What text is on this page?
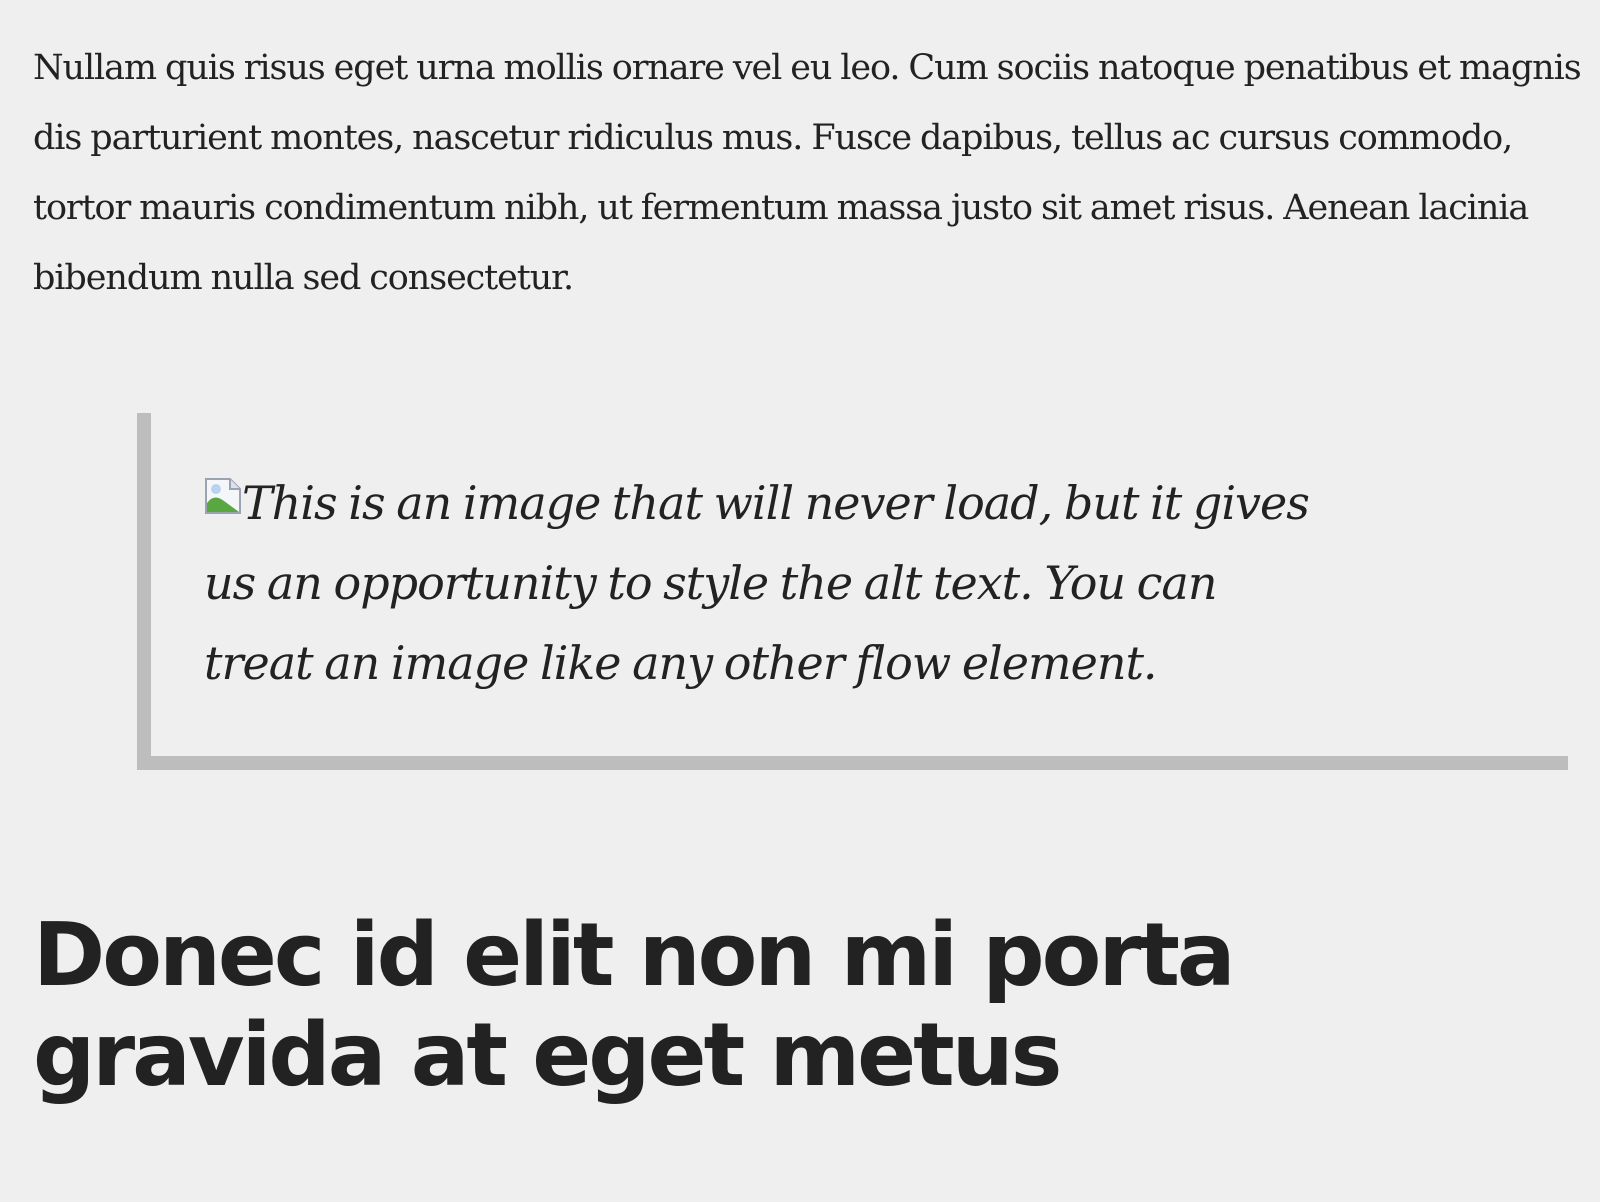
Nullam quis risus eget urna mollis ornare vel eu leo. Cum sociis natoque penatibus et magnis dis parturient montes, nascetur ridiculus mus. Fusce dapibus, tellus ac cursus commodo, tortor mauris condimentum nibh, ut fermentum massa justo sit amet risus. Aenean lacinia bibendum nulla sed consectetur.

This is an image that will never load, but it gives us an opportunity to style the alt text. You can treat an image like any other flow element.

Donec id elit non mi porta gravida at eget metus
